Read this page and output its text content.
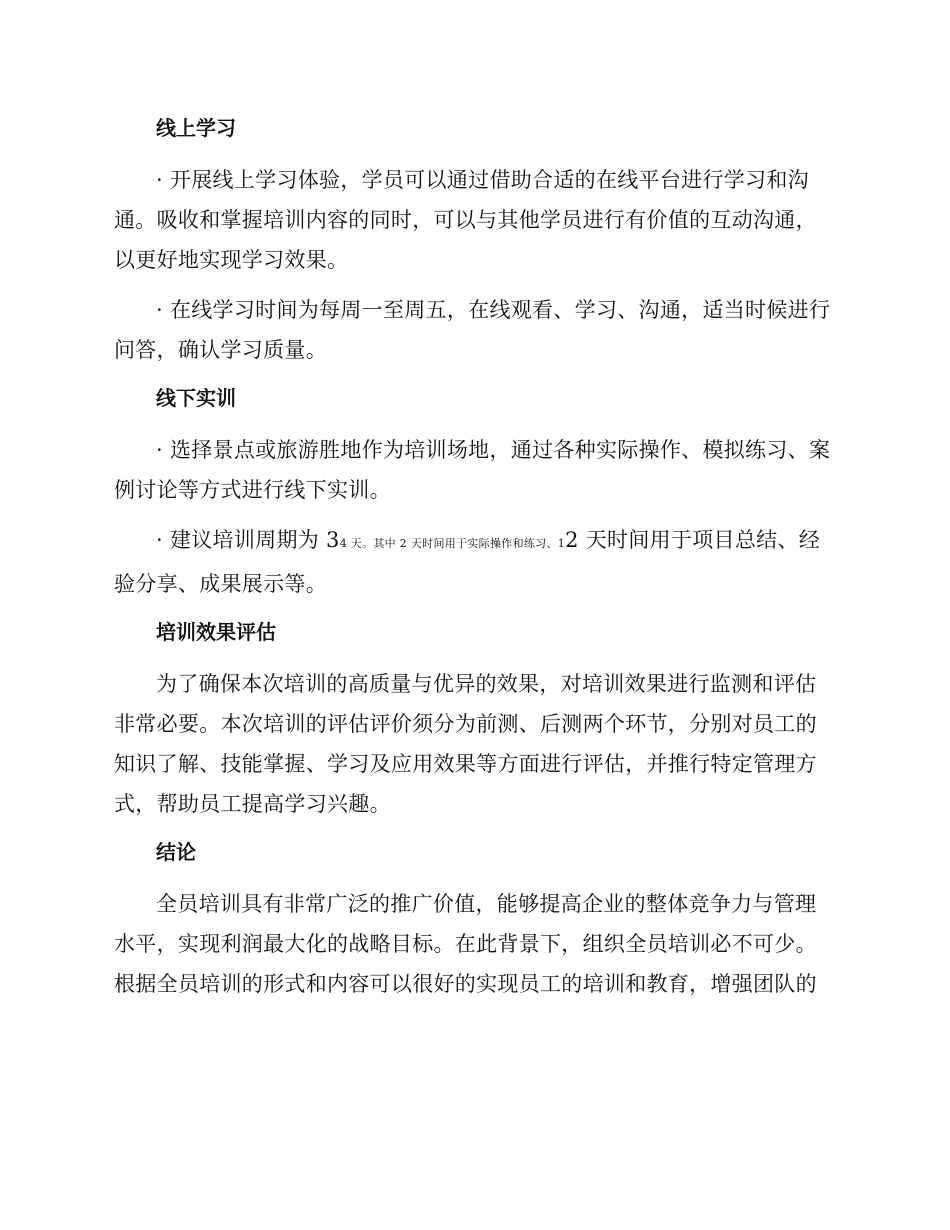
线上学习

· 开展线上学习体验，学员可以通过借助合适的在线平台进行学习和沟通。吸收和掌握培训内容的同时，可以与其他学员进行有价值的互动沟通，以更好地实现学习效果。

· 在线学习时间为每周一至周五，在线观看、学习、沟通，适当时候进行问答，确认学习质量。

线下实训

· 选择景点或旅游胜地作为培训场地，通过各种实际操作、模拟练习、案例讨论等方式进行线下实训。

· 建议培训周期为 34 天。其中 2 天时间用于实际操作和练习、12 天时间用于项目总结、经验分享、成果展示等。

培训效果评估

为了确保本次培训的高质量与优异的效果，对培训效果进行监测和评估非常必要。本次培训的评估评价须分为前测、后测两个环节，分别对员工的知识了解、技能掌握、学习及应用效果等方面进行评估，并推行特定管理方式，帮助员工提高学习兴趣。

结论

全员培训具有非常广泛的推广价值，能够提高企业的整体竞争力与管理水平，实现利润最大化的战略目标。在此背景下，组织全员培训必不可少。根据全员培训的形式和内容可以很好的实现员工的培训和教育，增强团队的
